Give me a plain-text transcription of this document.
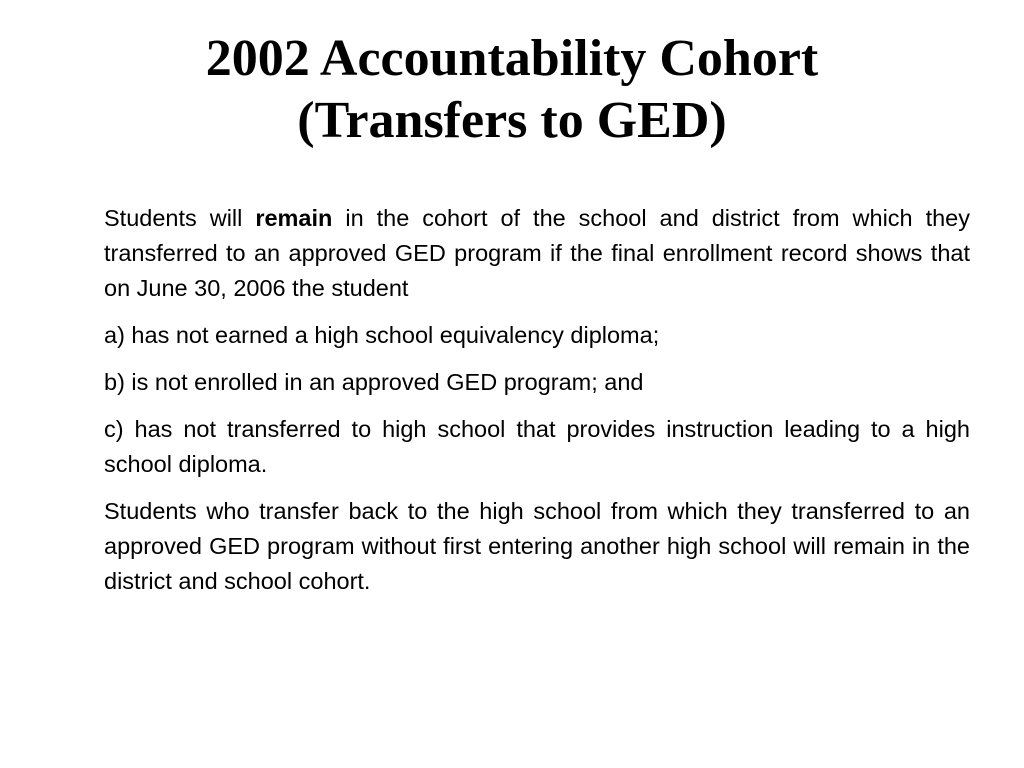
2002 Accountability Cohort
(Transfers to GED)

Students will remain in the cohort of the school and district from which they transferred to an approved GED program if the final enrollment record shows that on June 30, 2006 the student

a) has not earned a high school equivalency diploma;

b) is not enrolled in an approved GED program; and

c) has not transferred to high school that provides instruction leading to a high school diploma.

Students who transfer back to the high school from which they transferred to an approved GED program without first entering another high school will remain in the district and school cohort.
